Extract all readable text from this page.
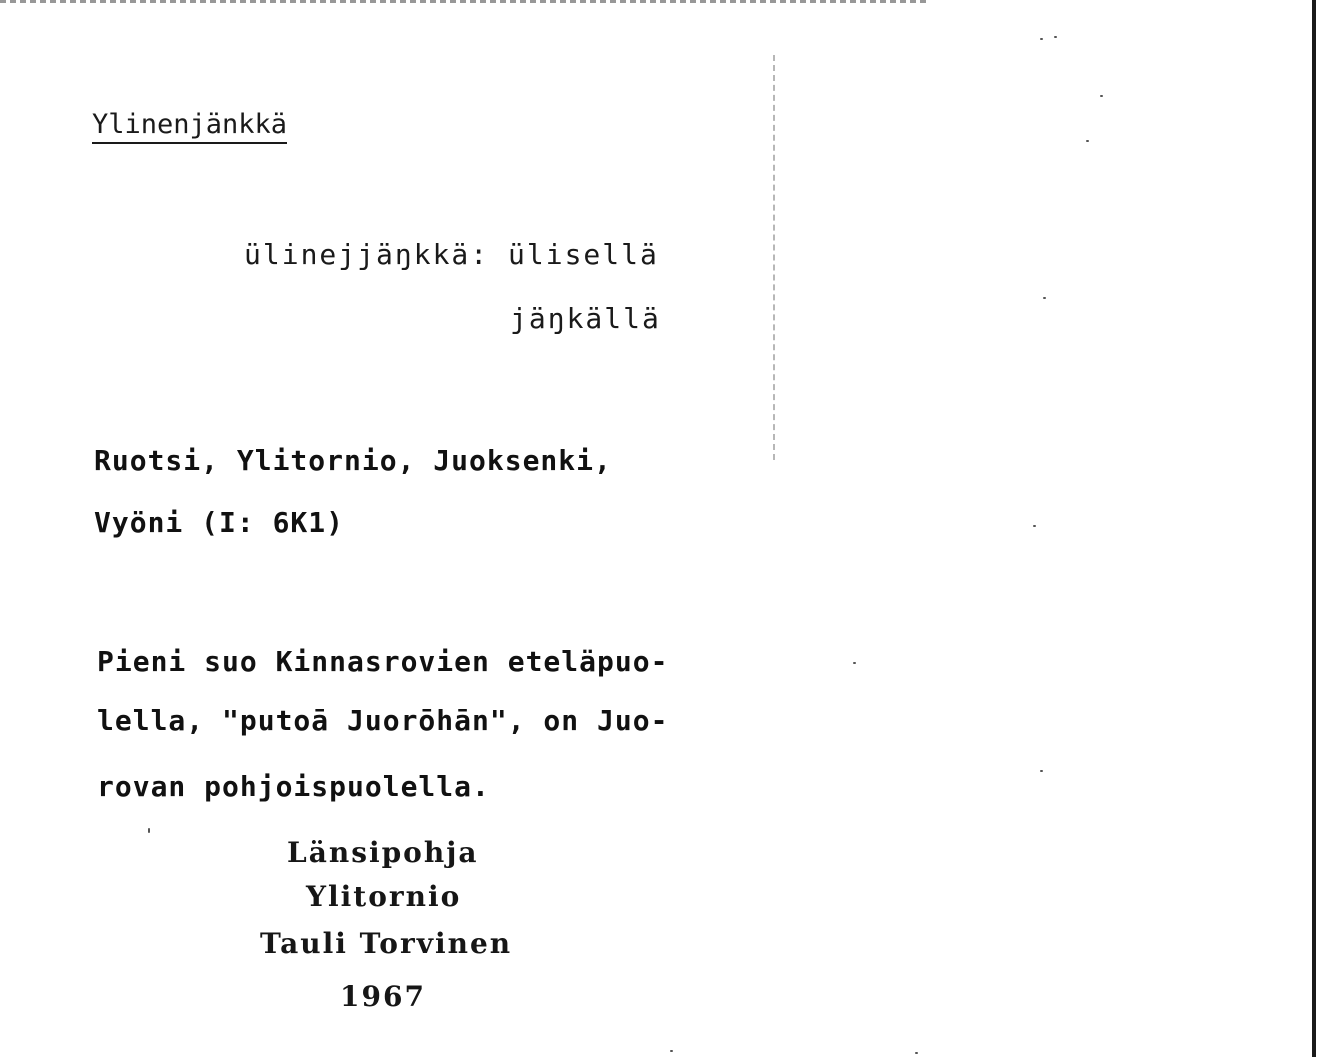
Ylinenjänkkä
ülinejjäŋkkä: ülisellä
jäŋkällä
Ruotsi, Ylitornio, Juoksenki,
Vyöni (I: 6K1)
Pieni suo Kinnasrovien eteläpuo-
lella, "putoā Juorōhān", on Juo-
rovan pohjoispuolella.
Länsipohja
Ylitornio
Tauli Torvinen
1967
